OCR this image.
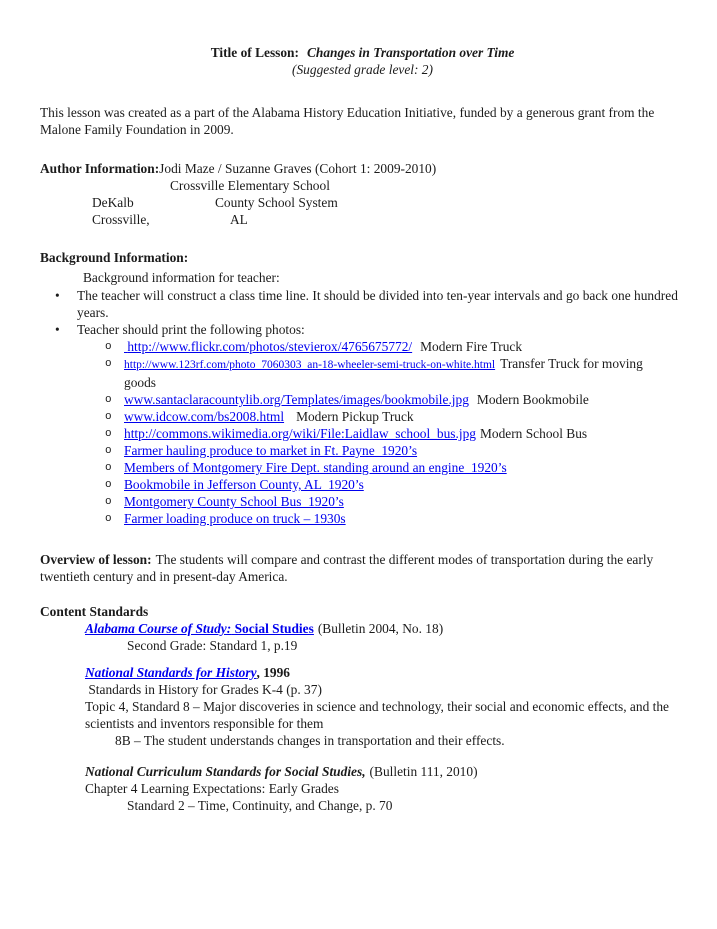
Title of Lesson: Changes in Transportation over Time
(Suggested grade level: 2)

This lesson was created as a part of the Alabama History Education Initiative, funded by a generous grant from the Malone Family Foundation in 2009.

Author Information:Jodi Maze / Suzanne Graves (Cohort 1: 2009-2010)
Crossville Elementary School
DeKalb	County School System
Crossville,	AL
Background Information:
Background information for teacher:
• The teacher will construct a class time line. It should be divided into ten-year intervals and go back one hundred years.
• Teacher should print the following photos:
o http://www.flickr.com/photos/stevierox/4765675772/ Modern Fire Truck
o http://www.123rf.com/photo_7060303_an-18-wheeler-semi-truck-on-white.html Transfer Truck for moving goods
o www.santaclaracountylib.org/Templates/images/bookmobile.jpg Modern Bookmobile
o www.idcow.com/bs2008.html Modern Pickup Truck
o http://commons.wikimedia.org/wiki/File:Laidlaw_school_bus.jpg Modern School Bus
o Farmer hauling produce to market in Ft. Payne  1920’s
o Members of Montgomery Fire Dept. standing around an engine  1920’s
o Bookmobile in Jefferson County, AL  1920’s
o Montgomery County School Bus  1920’s
o Farmer loading produce on truck – 1930s

Overview of lesson: The students will compare and contrast the different modes of transportation during the early twentieth century and in present-day America.

Content Standards
Alabama Course of Study: Social Studies (Bulletin 2004, No. 18)
Second Grade: Standard 1, p.19
National Standards for History, 1996
Standards in History for Grades K-4 (p. 37)
Topic 4, Standard 8 – Major discoveries in science and technology, their social and economic effects, and the scientists and inventors responsible for them
8B – The student understands changes in transportation and their effects.
National Curriculum Standards for Social Studies, (Bulletin 111, 2010)
Chapter 4 Learning Expectations: Early Grades
Standard 2 – Time, Continuity, and Change, p. 70
